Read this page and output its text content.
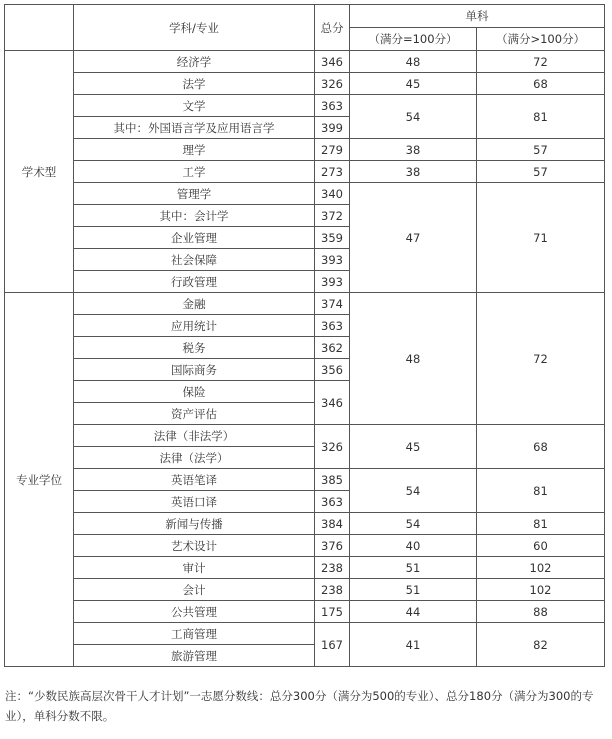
	学科/专业	总分	单科	
			（满分=100分）	（满分>100分）
学术型	经济学	346	48	72
	法学	326	45	68
	文学	363	54	81
	其中：外国语言学及应用语言学	399		
	理学	279	38	57
	工学	273	38	57
	管理学	340	47	71
	其中：会计学	372		
	企业管理	359		
	社会保障	393		
	行政管理	393		
专业学位	金融	374	48	72
	应用统计	363		
	税务	362		
	国际商务	356		
	保险	346		
	资产评估			
	法律（非法学）	326	45	68
	法律（法学）			
	英语笔译	385	54	81
	英语口译	363		
	新闻与传播	384	54	81
	艺术设计	376	40	60
	审计	238	51	102
	会计	238	51	102
	公共管理	175	44	88
	工商管理	167	41	82
	旅游管理			
注：“少数民族高层次骨干人才计划”一志愿分数线：总分300分（满分为500的专业）、总分180分（满分为300的专业），单科分数不限。
